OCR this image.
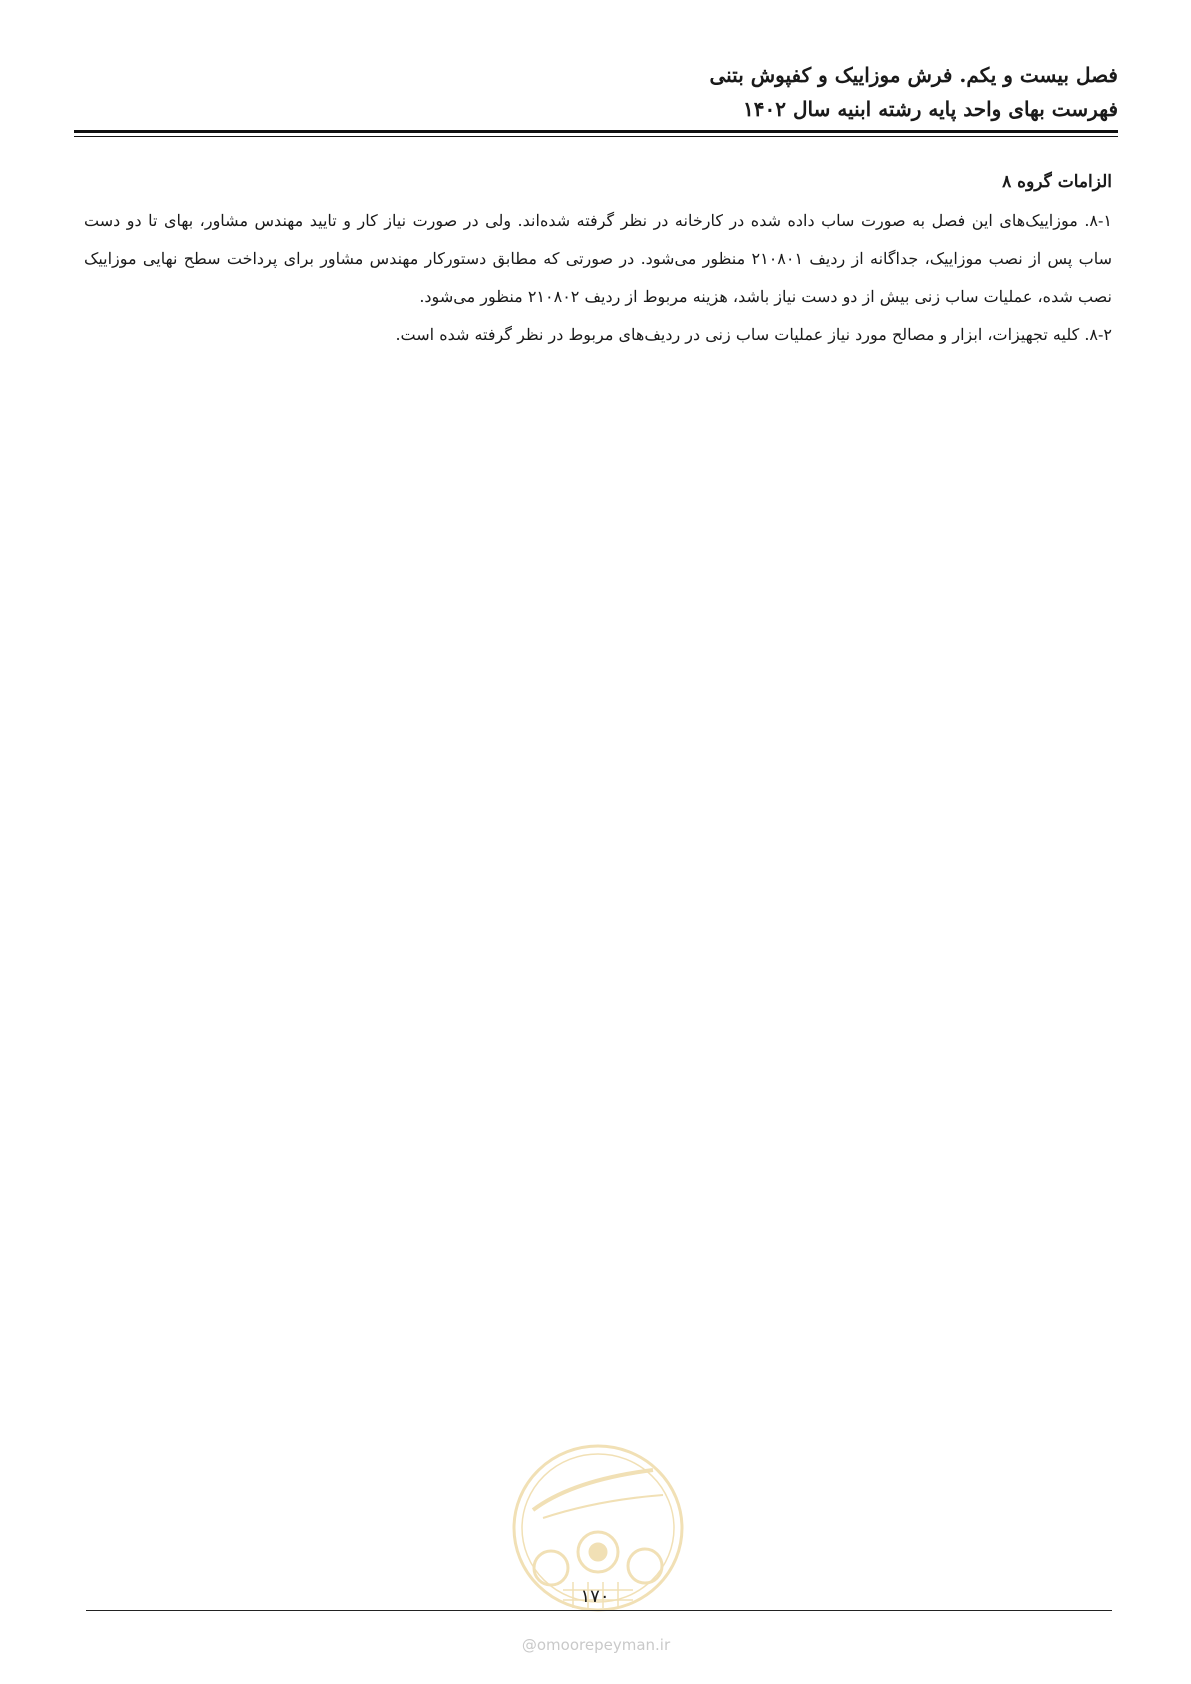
فصل بیست و یکم. فرش موزاییک و کفپوش بتنی
فهرست بهای واحد پایه رشته ابنیه سال ۱۴۰۲
الزامات گروه ۸

۸-۱. موزاییک‌های این فصل به صورت ساب داده شده در کارخانه در نظر گرفته شده‌اند. ولی در صورت نیاز کار و تایید مهندس مشاور، بهای تا دو دست ساب پس از نصب موزاییک، جداگانه از ردیف ۲۱۰۸۰۱ منظور می‌شود. در صورتی که مطابق دستورکار مهندس مشاور برای پرداخت سطح نهایی موزاییک نصب شده، عملیات ساب زنی بیش از دو دست نیاز باشد، هزینه مربوط از ردیف ۲۱۰۸۰۲ منظور می‌شود.

۸-۲. کلیه تجهیزات، ابزار و مصالح مورد نیاز عملیات ساب زنی در ردیف‌های مربوط در نظر گرفته شده است.

۱۷۰
@omoorepeyman.ir
